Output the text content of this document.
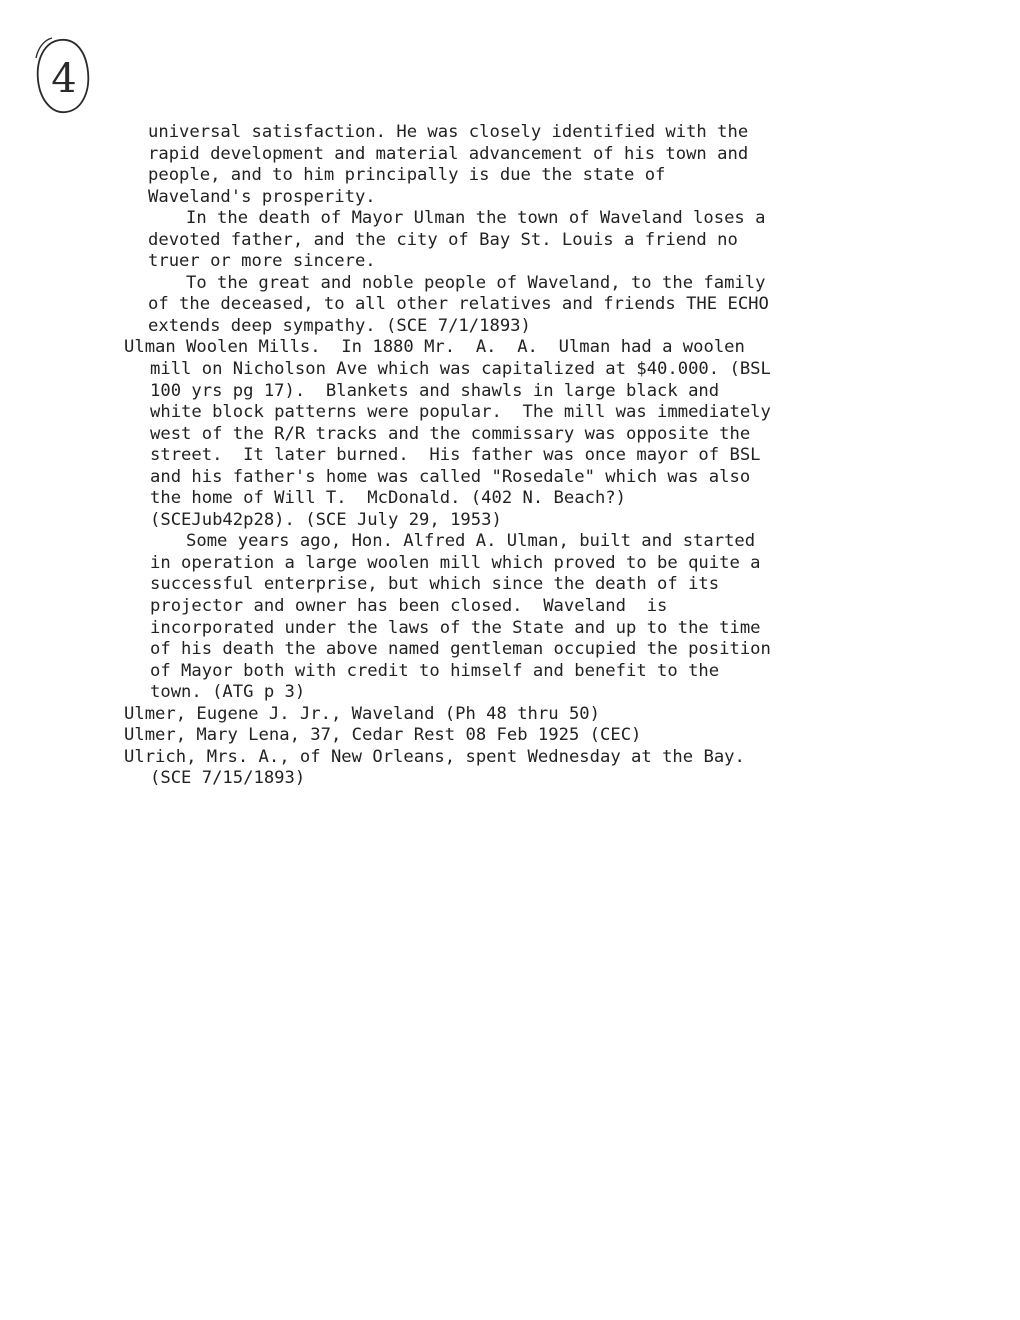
4
universal satisfaction. He was closely identified with the
rapid development and material advancement of his town and
people, and to him principally is due the state of
Waveland's prosperity.
In the death of Mayor Ulman the town of Waveland loses a
devoted father, and the city of Bay St. Louis a friend no
truer or more sincere.
To the great and noble people of Waveland, to the family
of the deceased, to all other relatives and friends THE ECHO
extends deep sympathy. (SCE 7/1/1893)
Ulman Woolen Mills.  In 1880 Mr.  A.  A.  Ulman had a woolen
mill on Nicholson Ave which was capitalized at $40.000. (BSL
100 yrs pg 17).  Blankets and shawls in large black and
white block patterns were popular.  The mill was immediately
west of the R/R tracks and the commissary was opposite the
street.  It later burned.  His father was once mayor of BSL
and his father's home was called "Rosedale" which was also
the home of Will T.  McDonald. (402 N. Beach?)
(SCEJub42p28). (SCE July 29, 1953)
Some years ago, Hon. Alfred A. Ulman, built and started
in operation a large woolen mill which proved to be quite a
successful enterprise, but which since the death of its
projector and owner has been closed.  Waveland  is
incorporated under the laws of the State and up to the time
of his death the above named gentleman occupied the position
of Mayor both with credit to himself and benefit to the
town. (ATG p 3)
Ulmer, Eugene J. Jr., Waveland (Ph 48 thru 50)
Ulmer, Mary Lena, 37, Cedar Rest 08 Feb 1925 (CEC)
Ulrich, Mrs. A., of New Orleans, spent Wednesday at the Bay.
(SCE 7/15/1893)
